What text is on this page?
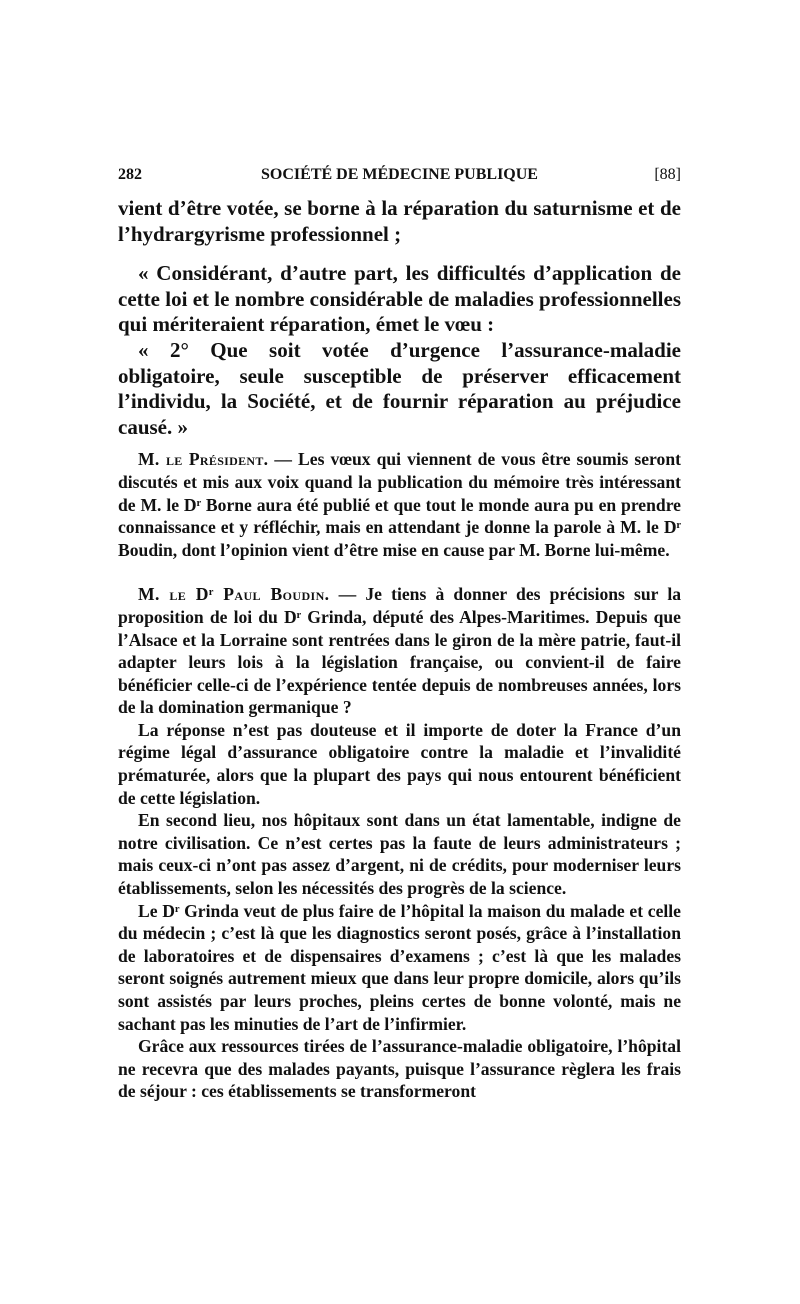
282	SOCIÉTÉ DE MÉDECINE PUBLIQUE	[88]

vient d’être votée, se borne à la réparation du saturnisme et de l’hydrargyrisme professionnel ;

« Considérant, d’autre part, les difficultés d’application de cette loi et le nombre considérable de maladies professionnelles qui mériteraient réparation, émet le vœu :

« 2° Que soit votée d’urgence l’assurance-maladie obligatoire, seule susceptible de préserver efficacement l’individu, la Société, et de fournir réparation au préjudice causé. »

M. le Président. — Les vœux qui viennent de vous être soumis seront discutés et mis aux voix quand la publication du mémoire très intéressant de M. le Dʳ Borne aura été publié et que tout le monde aura pu en prendre connaissance et y réfléchir, mais en attendant je donne la parole à M. le Dʳ Boudin, dont l’opinion vient d’être mise en cause par M. Borne lui-même.

M. le Dʳ Paul Boudin. — Je tiens à donner des précisions sur la proposition de loi du Dʳ Grinda, député des Alpes-Maritimes. Depuis que l’Alsace et la Lorraine sont rentrées dans le giron de la mère patrie, faut-il adapter leurs lois à la législation française, ou convient-il de faire bénéficier celle-ci de l’expérience tentée depuis de nombreuses années, lors de la domination germanique ?

La réponse n’est pas douteuse et il importe de doter la France d’un régime légal d’assurance obligatoire contre la maladie et l’invalidité prématurée, alors que la plupart des pays qui nous entourent bénéficient de cette législation.

En second lieu, nos hôpitaux sont dans un état lamentable, indigne de notre civilisation. Ce n’est certes pas la faute de leurs administrateurs ; mais ceux-ci n’ont pas assez d’argent, ni de crédits, pour moderniser leurs établissements, selon les nécessités des progrès de la science.

Le Dʳ Grinda veut de plus faire de l’hôpital la maison du malade et celle du médecin ; c’est là que les diagnostics seront posés, grâce à l’installation de laboratoires et de dispensaires d’examens ; c’est là que les malades seront soignés autrement mieux que dans leur propre domicile, alors qu’ils sont assistés par leurs proches, pleins certes de bonne volonté, mais ne sachant pas les minuties de l’art de l’infirmier.

Grâce aux ressources tirées de l’assurance-maladie obligatoire, l’hôpital ne recevra que des malades payants, puisque l’assurance règlera les frais de séjour : ces établissements se transformeront
